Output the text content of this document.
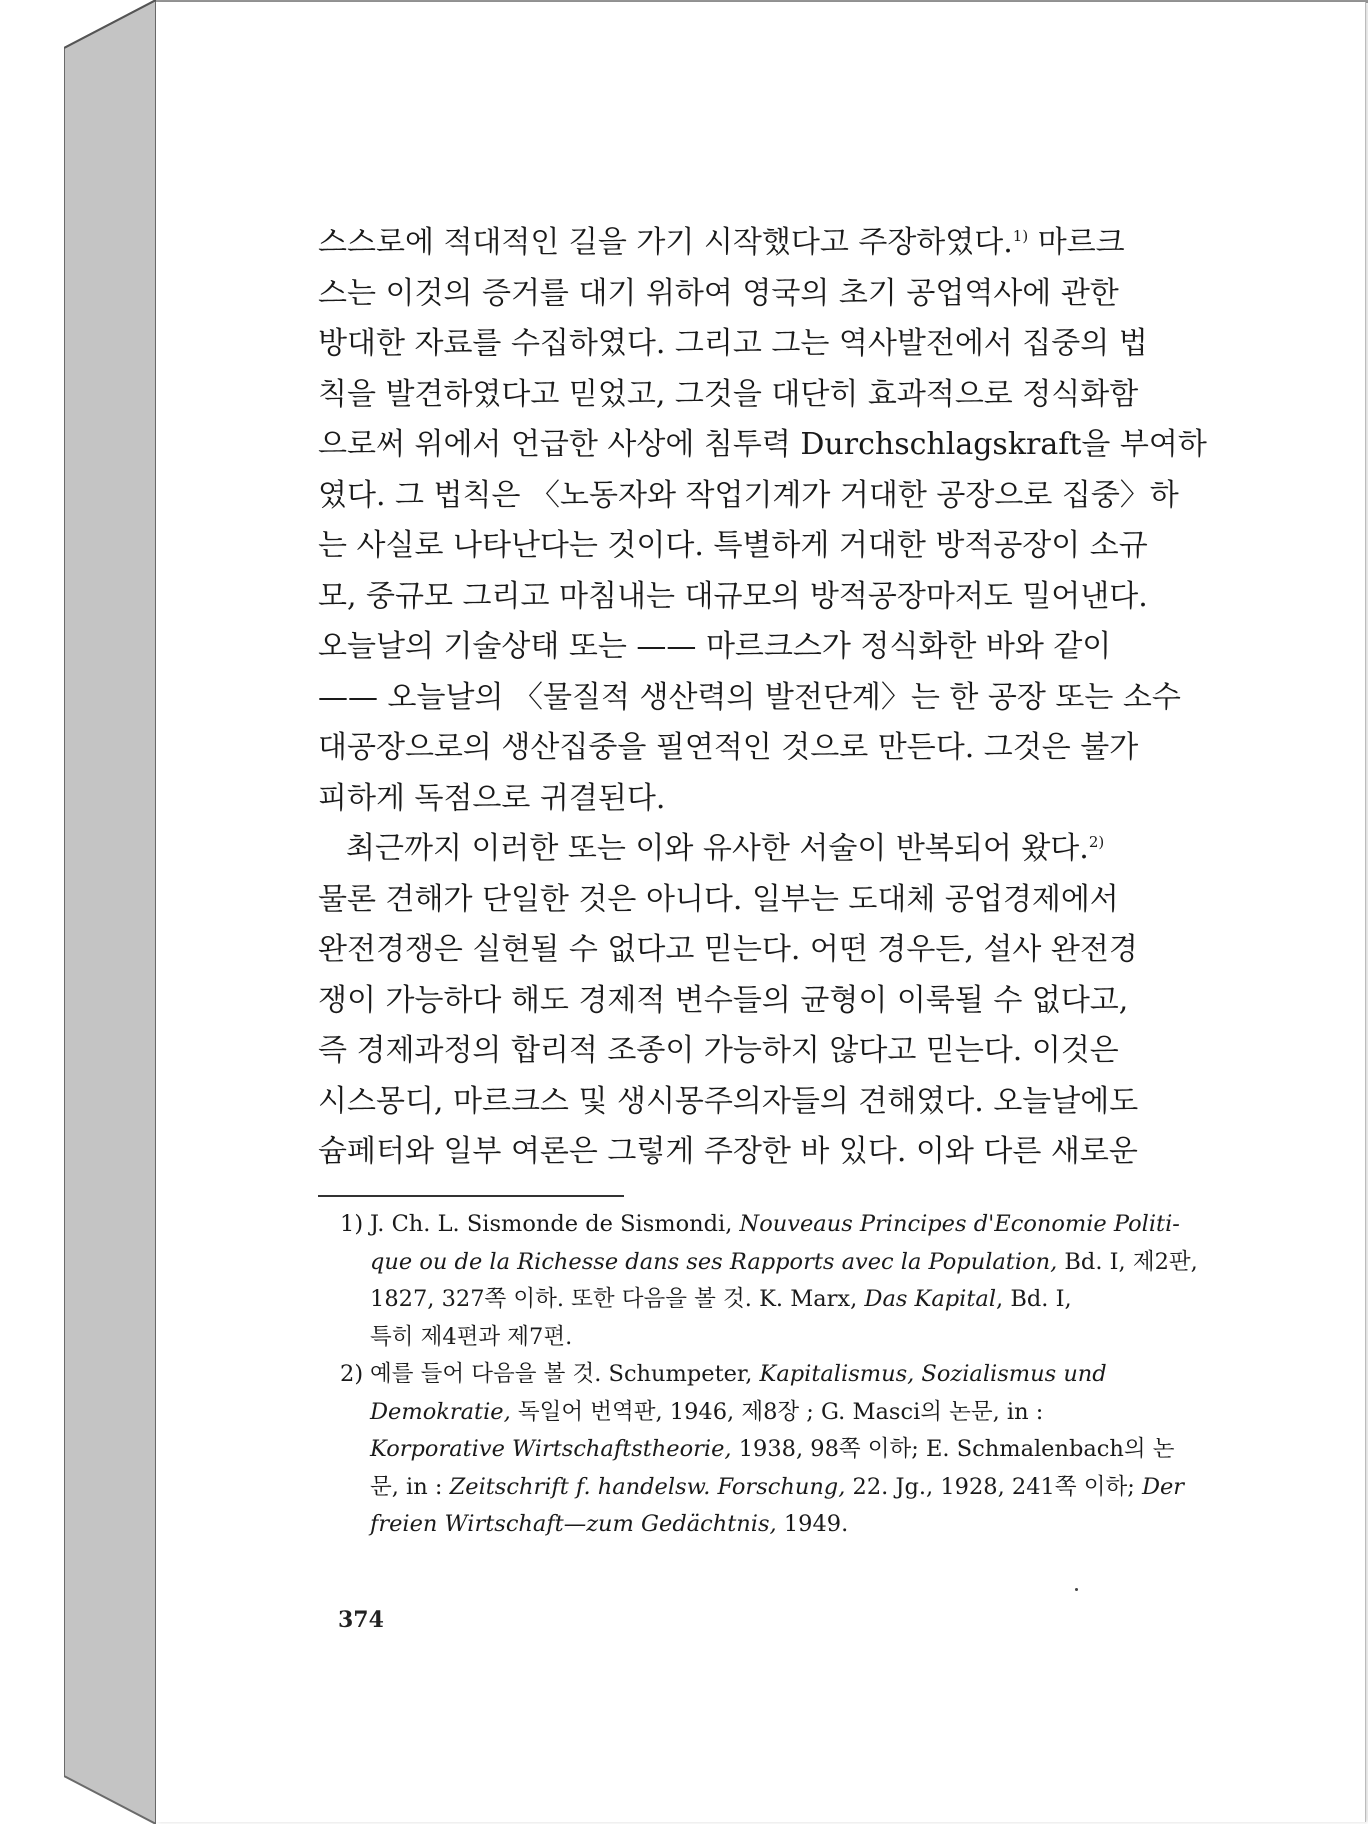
스스로에 적대적인 길을 가기 시작했다고 주장하였다.$^{1)}$ 마르크
스는 이것의 증거를 대기 위하여 영국의 초기 공업역사에 관한
방대한 자료를 수집하였다. 그리고 그는 역사발전에서 집중의 법
칙을 발견하였다고 믿었고, 그것을 대단히 효과적으로 정식화함
으로써 위에서 언급한 사상에 침투력 Durchschlagskraft을 부여하
였다. 그 법칙은 〈노동자와 작업기계가 거대한 공장으로 집중〉하
는 사실로 나타난다는 것이다. 특별하게 거대한 방적공장이 소규
모, 중규모 그리고 마침내는 대규모의 방적공장마저도 밀어낸다.
오늘날의 기술상태 또는 —— 마르크스가 정식화한 바와 같이
—— 오늘날의 〈물질적 생산력의 발전단계〉는 한 공장 또는 소수
대공장으로의 생산집중을 필연적인 것으로 만든다. 그것은 불가
피하게 독점으로 귀결된다.
최근까지 이러한 또는 이와 유사한 서술이 반복되어 왔다.$^{2)}$
물론 견해가 단일한 것은 아니다. 일부는 도대체 공업경제에서
완전경쟁은 실현될 수 없다고 믿는다. 어떤 경우든, 설사 완전경
쟁이 가능하다 해도 경제적 변수들의 균형이 이룩될 수 없다고,
즉 경제과정의 합리적 조종이 가능하지 않다고 믿는다. 이것은
시스몽디, 마르크스 및 생시몽주의자들의 견해였다. 오늘날에도
슘페터와 일부 여론은 그렇게 주장한 바 있다. 이와 다른 새로운
1) J. Ch. L. Sismonde de Sismondi, Nouveaus Principes d'Economie Politi-
que ou de la Richesse dans ses Rapports avec la Population, Bd. I, 제2판,
1827, 327쪽 이하. 또한 다음을 볼 것. K. Marx, Das Kapital, Bd. I,
특히 제4편과 제7편.
2) 예를 들어 다음을 볼 것. Schumpeter, Kapitalismus, Sozialismus und
Demokratie, 독일어 번역판, 1946, 제8장 ; G. Masci의 논문, in :
Korporative Wirtschaftstheorie, 1938, 98쪽 이하; E. Schmalenbach의 논
문, in : Zeitschrift f. handelsw. Forschung, 22. Jg., 1928, 241쪽 이하; Der
freien Wirtschaft—zum Gedächtnis, 1949.
374
